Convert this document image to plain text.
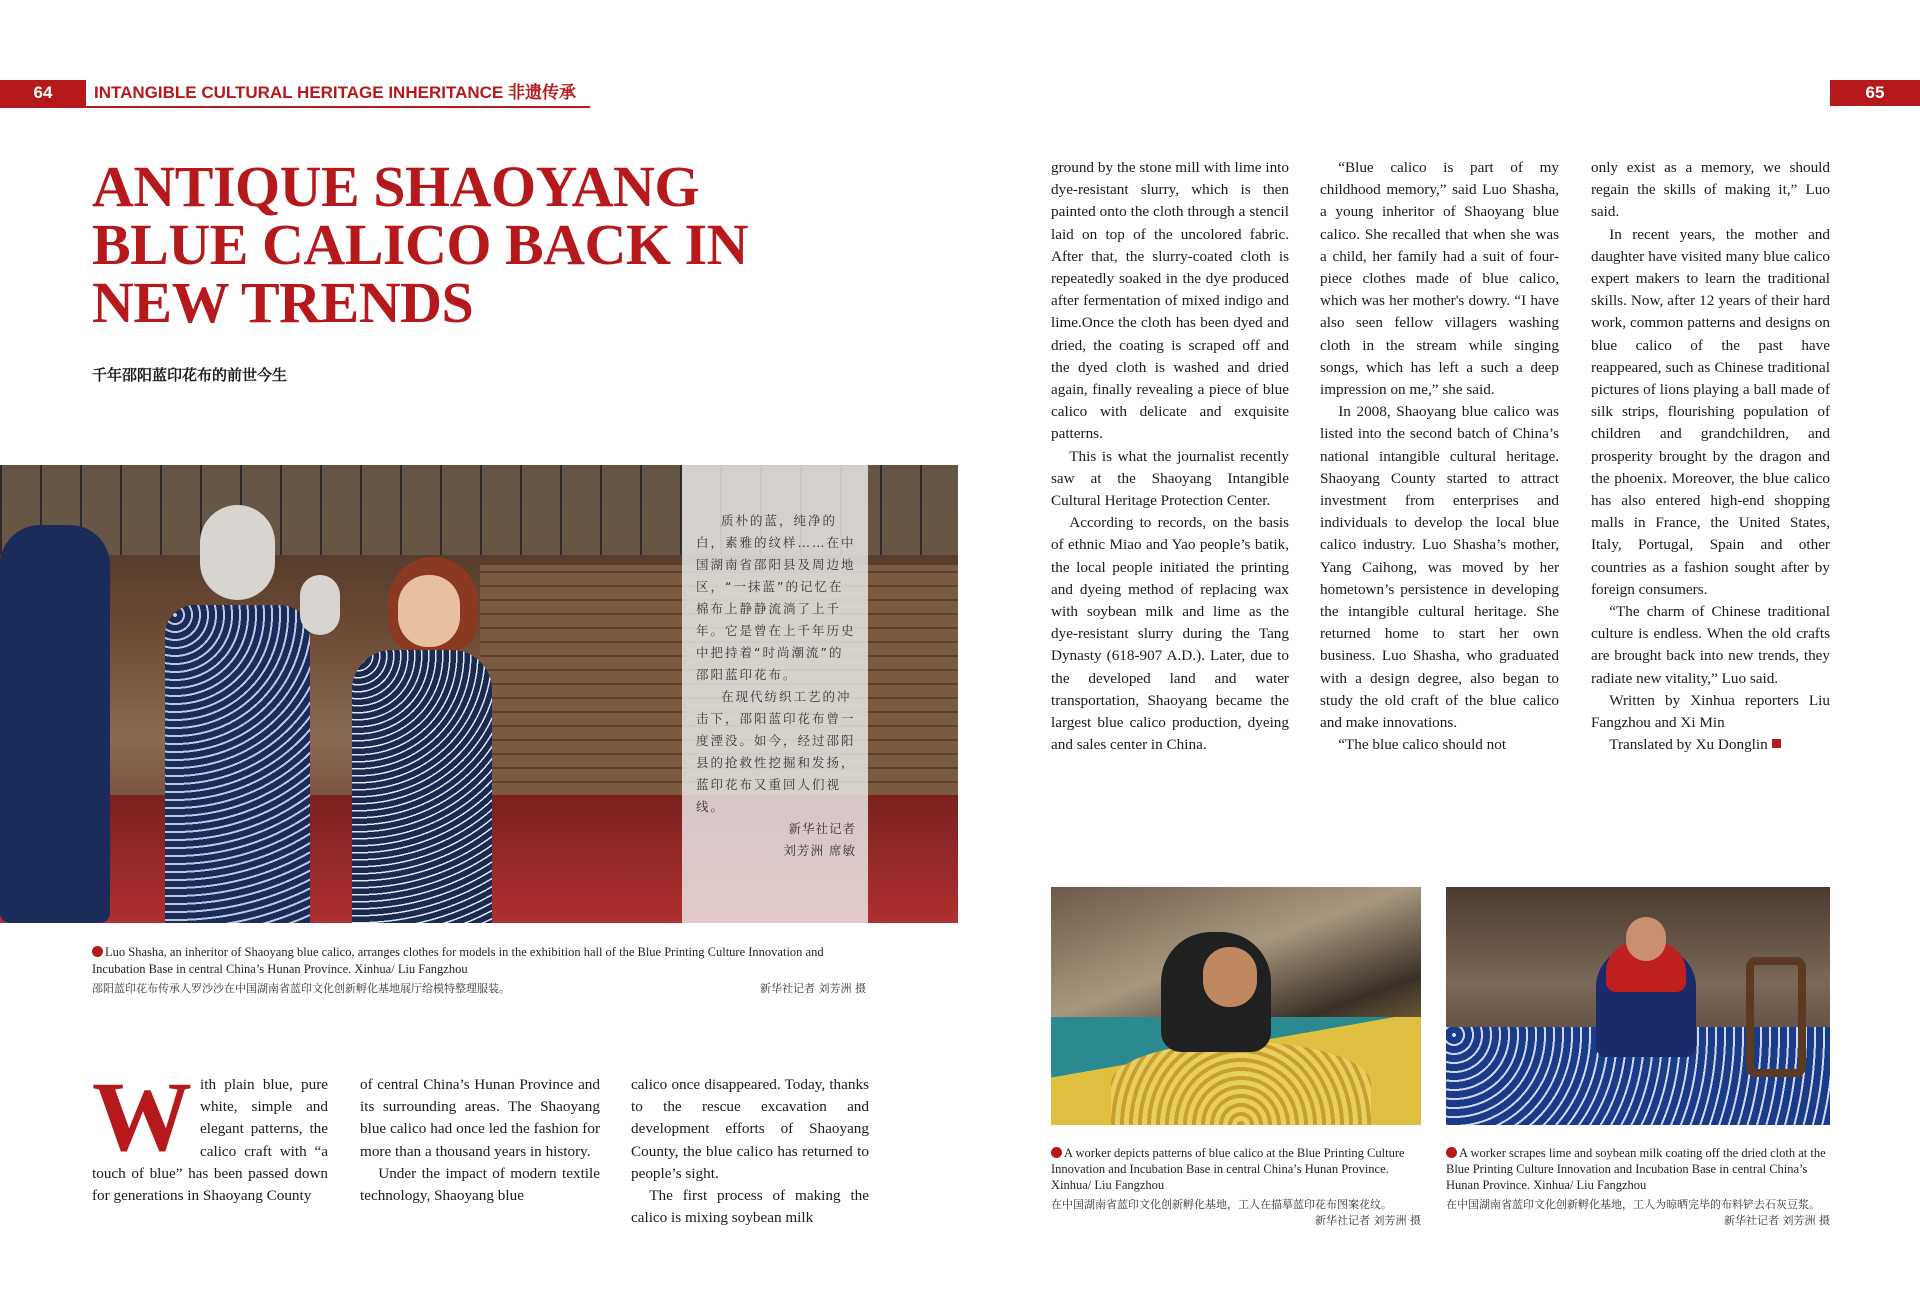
64	INTANGIBLE CULTURAL HERITAGE INHERITANCE 非遗传承	65
ANTIQUE SHAOYANG
BLUE CALICO BACK IN
NEW TRENDS
千年邵阳蓝印花布的前世今生

质朴的蓝，纯净的白，素雅的纹样……在中国湖南省邵阳县及周边地区，“一抹蓝”的记忆在棉布上静静流淌了上千年。它是曾在上千年历史中把持着“时尚潮流”的邵阳蓝印花布。

在现代纺织工艺的冲击下，邵阳蓝印花布曾一度湮没。如今，经过邵阳县的抢救性挖掘和发扬，蓝印花布又重回人们视线。

新华社记者

刘芳洲 席敏

Luo Shasha, an inheritor of Shaoyang blue calico, arranges clothes for models in the exhibition hall of the Blue Printing Culture Innovation and Incubation Base in central China’s Hunan Province. Xinhua/ Liu Fangzhou
邵阳蓝印花布传承人罗沙沙在中国湖南省蓝印文化创新孵化基地展厅给模特整理服装。	新华社记者 刘芳洲 摄

With plain blue, pure white, simple and elegant patterns, the calico craft with “a touch of blue” has been passed down for generations in Shaoyang County

of central China’s Hunan Province and its surrounding areas. The Shaoyang blue calico had once led the fashion for more than a thousand years in history.

Under the impact of modern textile technology, Shaoyang blue

calico once disappeared. Today, thanks to the rescue excavation and development efforts of Shaoyang County, the blue calico has returned to people’s sight.

The first process of making the calico is mixing soybean milk

ground by the stone mill with lime into dye-resistant slurry, which is then painted onto the cloth through a stencil laid on top of the uncolored fabric. After that, the slurry-coated cloth is repeatedly soaked in the dye produced after fermentation of mixed indigo and lime.Once the cloth has been dyed and dried, the coating is scraped off and the dyed cloth is washed and dried again, finally revealing a piece of blue calico with delicate and exquisite patterns.

This is what the journalist recently saw at the Shaoyang Intangible Cultural Heritage Protection Center.

According to records, on the basis of ethnic Miao and Yao people’s batik, the local people initiated the printing and dyeing method of replacing wax with soybean milk and lime as the dye-resistant slurry during the Tang Dynasty (618-907 A.D.). Later, due to the developed land and water transportation, Shaoyang became the largest blue calico production, dyeing and sales center in China.

“Blue calico is part of my childhood memory,” said Luo Shasha, a young inheritor of Shaoyang blue calico. She recalled that when she was a child, her family had a suit of four-piece clothes made of blue calico, which was her mother's dowry. “I have also seen fellow villagers washing cloth in the stream while singing songs, which has left a such a deep impression on me,” she said.

In 2008, Shaoyang blue calico was listed into the second batch of China’s national intangible cultural heritage. Shaoyang County started to attract investment from enterprises and individuals to develop the local blue calico industry. Luo Shasha’s mother, Yang Caihong, was moved by her hometown’s persistence in developing the intangible cultural heritage. She returned home to start her own business. Luo Shasha, who graduated with a design degree, also began to study the old craft of the blue calico and make innovations.

“The blue calico should not

only exist as a memory, we should regain the skills of making it,” Luo said.

In recent years, the mother and daughter have visited many blue calico expert makers to learn the traditional skills. Now, after 12 years of their hard work, common patterns and designs on blue calico of the past have reappeared, such as Chinese traditional pictures of lions playing a ball made of silk strips, flourishing population of children and grandchildren, and prosperity brought by the dragon and the phoenix. Moreover, the blue calico has also entered high-end shopping malls in France, the United States, Italy, Portugal, Spain and other countries as a fashion sought after by foreign consumers.

“The charm of Chinese traditional culture is endless. When the old crafts are brought back into new trends, they radiate new vitality,” Luo said.

Written by Xinhua reporters Liu Fangzhou and Xi Min

Translated by Xu Donglin

A worker depicts patterns of blue calico at the Blue Printing Culture Innovation and Incubation Base in central China’s Hunan Province. Xinhua/ Liu Fangzhou
在中国湖南省蓝印文化创新孵化基地，工人在描摹蓝印花布图案花纹。
新华社记者 刘芳洲 摄
A worker scrapes lime and soybean milk coating off the dried cloth at the Blue Printing Culture Innovation and Incubation Base in central China’s Hunan Province. Xinhua/ Liu Fangzhou
在中国湖南省蓝印文化创新孵化基地，工人为晾晒完毕的布料铲去石灰豆浆。
新华社记者 刘芳洲 摄
